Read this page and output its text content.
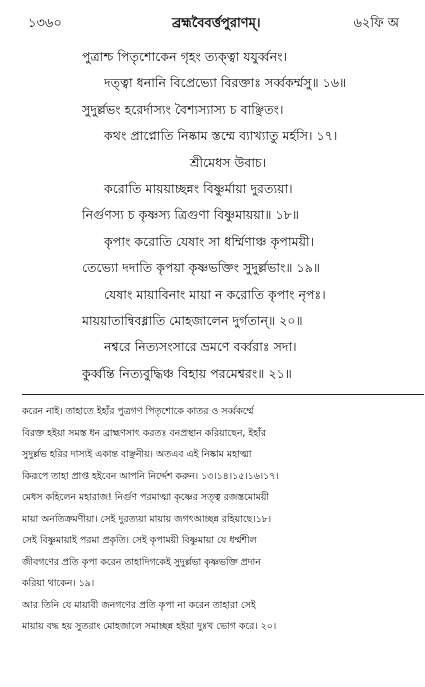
১৩৬০	ব্রহ্মবৈবর্ত্তপুরাণম্।	৬২ফি অ
পুত্রাশ্চ পিতৃশোকেন গৃহং ত্যক্ত্বা যযুর্ব্বনং।
দত্ত্বা ধনানি বিপ্রেভ্যো বিরক্তাঃ সর্ব্বকর্ম্মসু॥ ১৬॥
সুদুর্ল্লভং হরের্দাস্যং বৈশ্যস্যাস্য চ বাঞ্ছিতং।
কথং প্রাপ্নোতি নিষ্কাম স্তম্মে ব্যাখ্যাতু মর্হসি। ১৭।
শ্রীমেধস উবাচ।
করোতি মায়য়াচ্ছন্নং বিষ্ণুর্মায়া দুরত্যয়া।
নির্গুণস্য চ কৃষ্ণস্য ত্রিগুণা বিষ্ণুমায়য়া॥ ১৮॥
কৃপাং করোতি যেষাং সা ধর্ম্মিণাঞ্চ কৃপাময়ী।
তেভ্যো দদাতি কৃপয়া কৃষ্ণভক্তিং সুদুর্ল্লভাং॥ ১৯॥
যেষাং মায়াবিনাং মায়া ন করোতি কৃপাং নৃপঃ।
মায়য়াতান্বিবধ্নাতি মোহজালেন দুর্গতান্॥ ২০॥
নশ্বরে নিত্যসংসারে ভ্রমণে বর্ব্বরাঃ সদা।
কুর্ব্বন্তি নিত্যবুদ্ধিঞ্চ বিহায় পরমেশ্বরং॥ ২১॥
করেন নাই। তাহাতে ইহাঁর পুত্রগণ পিতৃশোকে কাতর ও সর্ব্বকর্ম্মে
বিরক্ত হইয়া সমস্ত ধন ব্রাহ্মণসাৎ করতঃ বনপ্রস্থান করিয়াছেন, ইহাঁর
সুদুর্ল্লভ হরির দাস্যই একান্ত বাঞ্ছনীয়। অতএব এই নিষ্কাম মহাত্মা
কিরূপে তাহা প্রাপ্ত হইবেন আপনি নির্দ্দেশ করুন। ১৩।১৪।১৫।১৬।১৭।
মেধস কহিলেন মহারাজ! নির্গুণ পরমাত্মা কৃষ্ণের সত্ত্ব রজস্তমোময়ী
মায়া অনতিক্রমণীয়া। সেই দুরত্যয়া মায়ায় জগৎআচ্ছন্ন রহিয়াছে।১৮।
সেই বিষ্ণুমায়াই পরমা প্রকৃতি। সেই কৃপাময়ী বিষ্ণুমায়া যে ধর্ম্মশীল
জীবগণের প্রতি কৃপা করেন তাহাদিগকেই সুদুর্ল্লভা কৃষ্ণভক্তি প্রদান
করিয়া থাকেন। ১৯।
আর তিনি যে মায়াবী জনগণের প্রতি কৃপা না করেন তাহারা সেই
মায়ায় বদ্ধ হয় সুতরাং মোহজালে সমাচ্ছন্ন হইয়া দুঃখ ভোগ করে। ২০।
